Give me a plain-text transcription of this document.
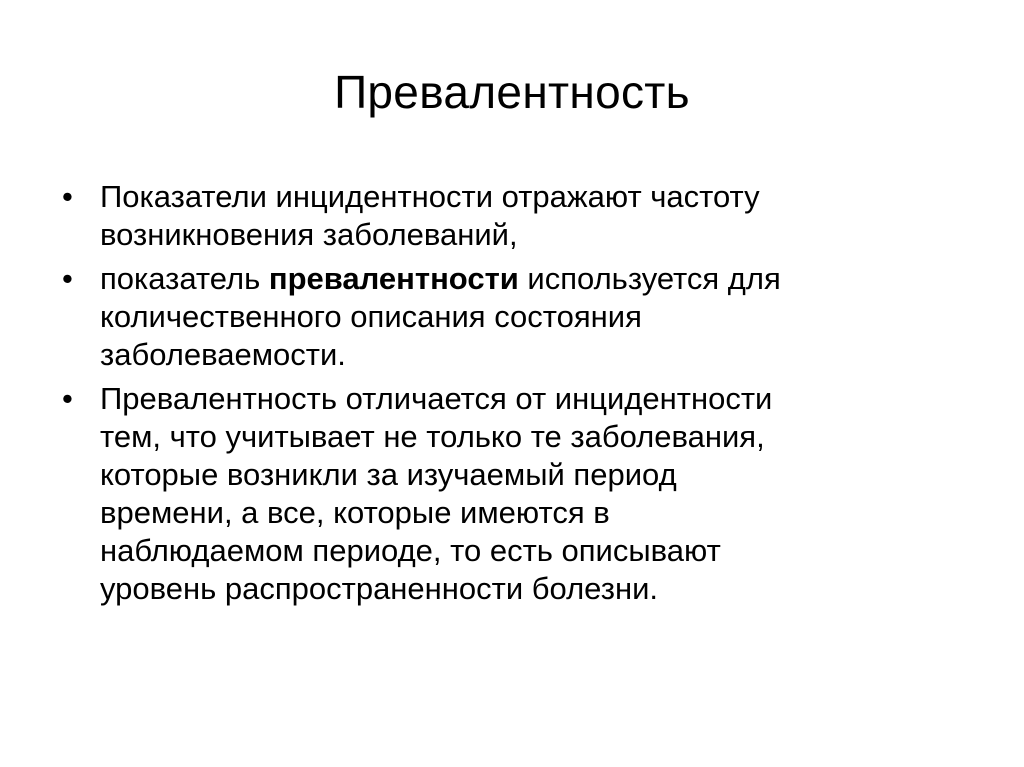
Превалентность
• Показатели инцидентности отражают частоту
возникновения заболеваний,
• показатель превалентности используется для
количественного описания состояния
заболеваемости.
• Превалентность отличается от инцидентности
тем, что учитывает не только те заболевания,
которые возникли за изучаемый период
времени, а все, которые имеются в
наблюдаемом периоде, то есть описывают
уровень распространенности болезни.
